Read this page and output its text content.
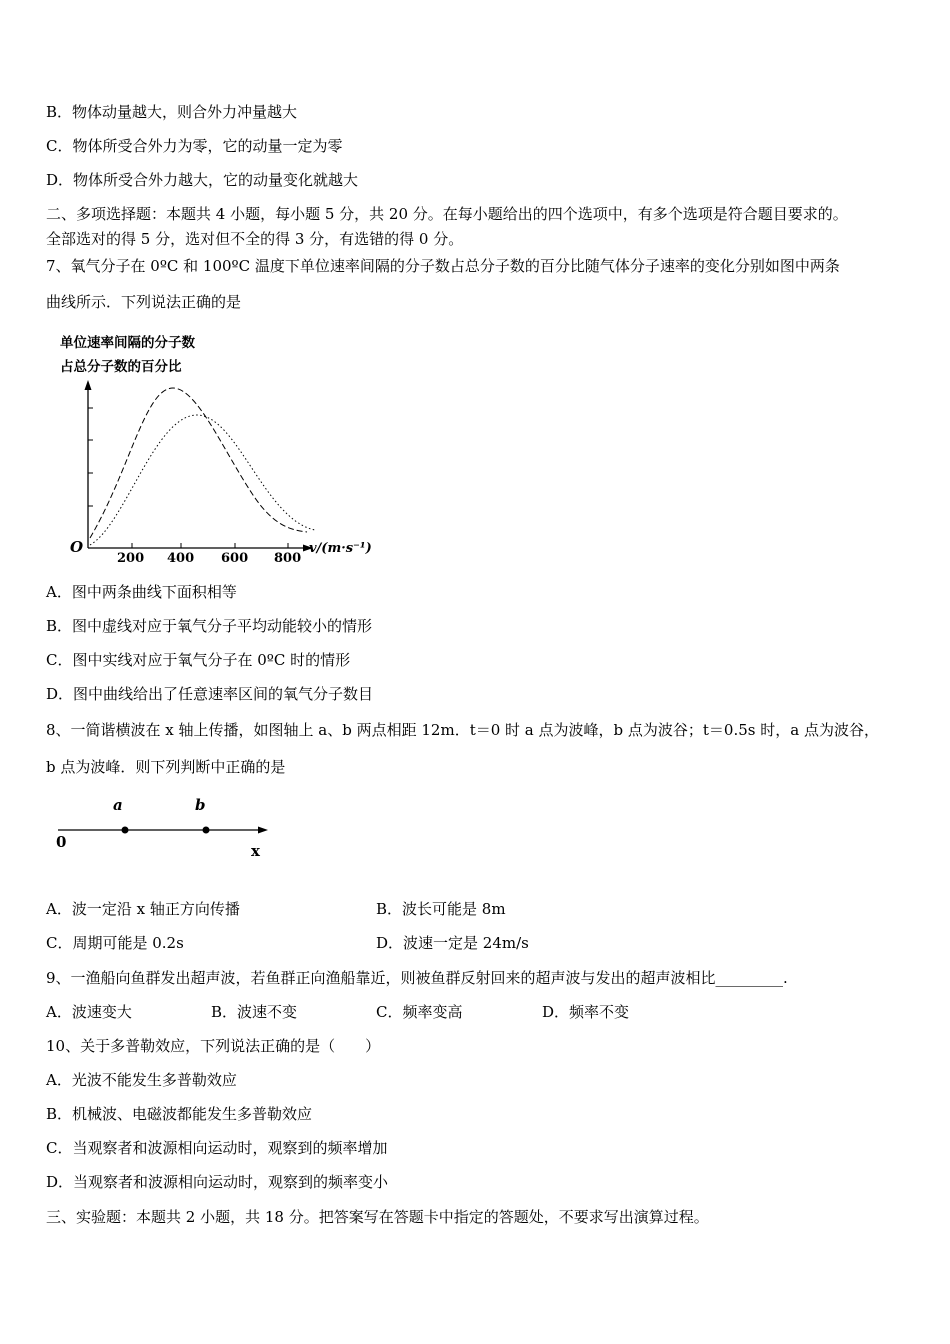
B．物体动量越大，则合外力冲量越大
C．物体所受合外力为零，它的动量一定为零
D．物体所受合外力越大，它的动量变化就越大
二、多项选择题：本题共 4 小题，每小题 5 分，共 20 分。在每小题给出的四个选项中，有多个选项是符合题目要求的。
全部选对的得 5 分，选对但不全的得 3 分，有选错的得 0 分。
7、氧气分子在 0ºC 和 100ºC 温度下单位速率间隔的分子数占总分子数的百分比随气体分子速率的变化分别如图中两条
曲线所示．下列说法正确的是
单位速率间隔的分子数
占总分子数的百分比
O
200 400 600 800
v/(m·s⁻¹)
A．图中两条曲线下面积相等
B．图中虚线对应于氧气分子平均动能较小的情形
C．图中实线对应于氧气分子在 0ºC 时的情形
D．图中曲线给出了任意速率区间的氧气分子数目
8、一简谐横波在 x 轴上传播，如图轴上 a、b 两点相距 12m．t＝0 时 a 点为波峰，b 点为波谷；t＝0.5s 时，a 点为波谷，
b 点为波峰．则下列判断中正确的是
a	b
0	x
A．波一定沿 x 轴正方向传播	B．波长可能是 8m
C．周期可能是 0.2s	D．波速一定是 24m/s
9、一渔船向鱼群发出超声波，若鱼群正向渔船靠近，则被鱼群反射回来的超声波与发出的超声波相比_________.
A．波速变大	B．波速不变	C．频率变高	D．频率不变
10、关于多普勒效应，下列说法正确的是（　　）
A．光波不能发生多普勒效应
B．机械波、电磁波都能发生多普勒效应
C．当观察者和波源相向运动时，观察到的频率增加
D．当观察者和波源相向运动时，观察到的频率变小
三、实验题：本题共 2 小题，共 18 分。把答案写在答题卡中指定的答题处，不要求写出演算过程。
